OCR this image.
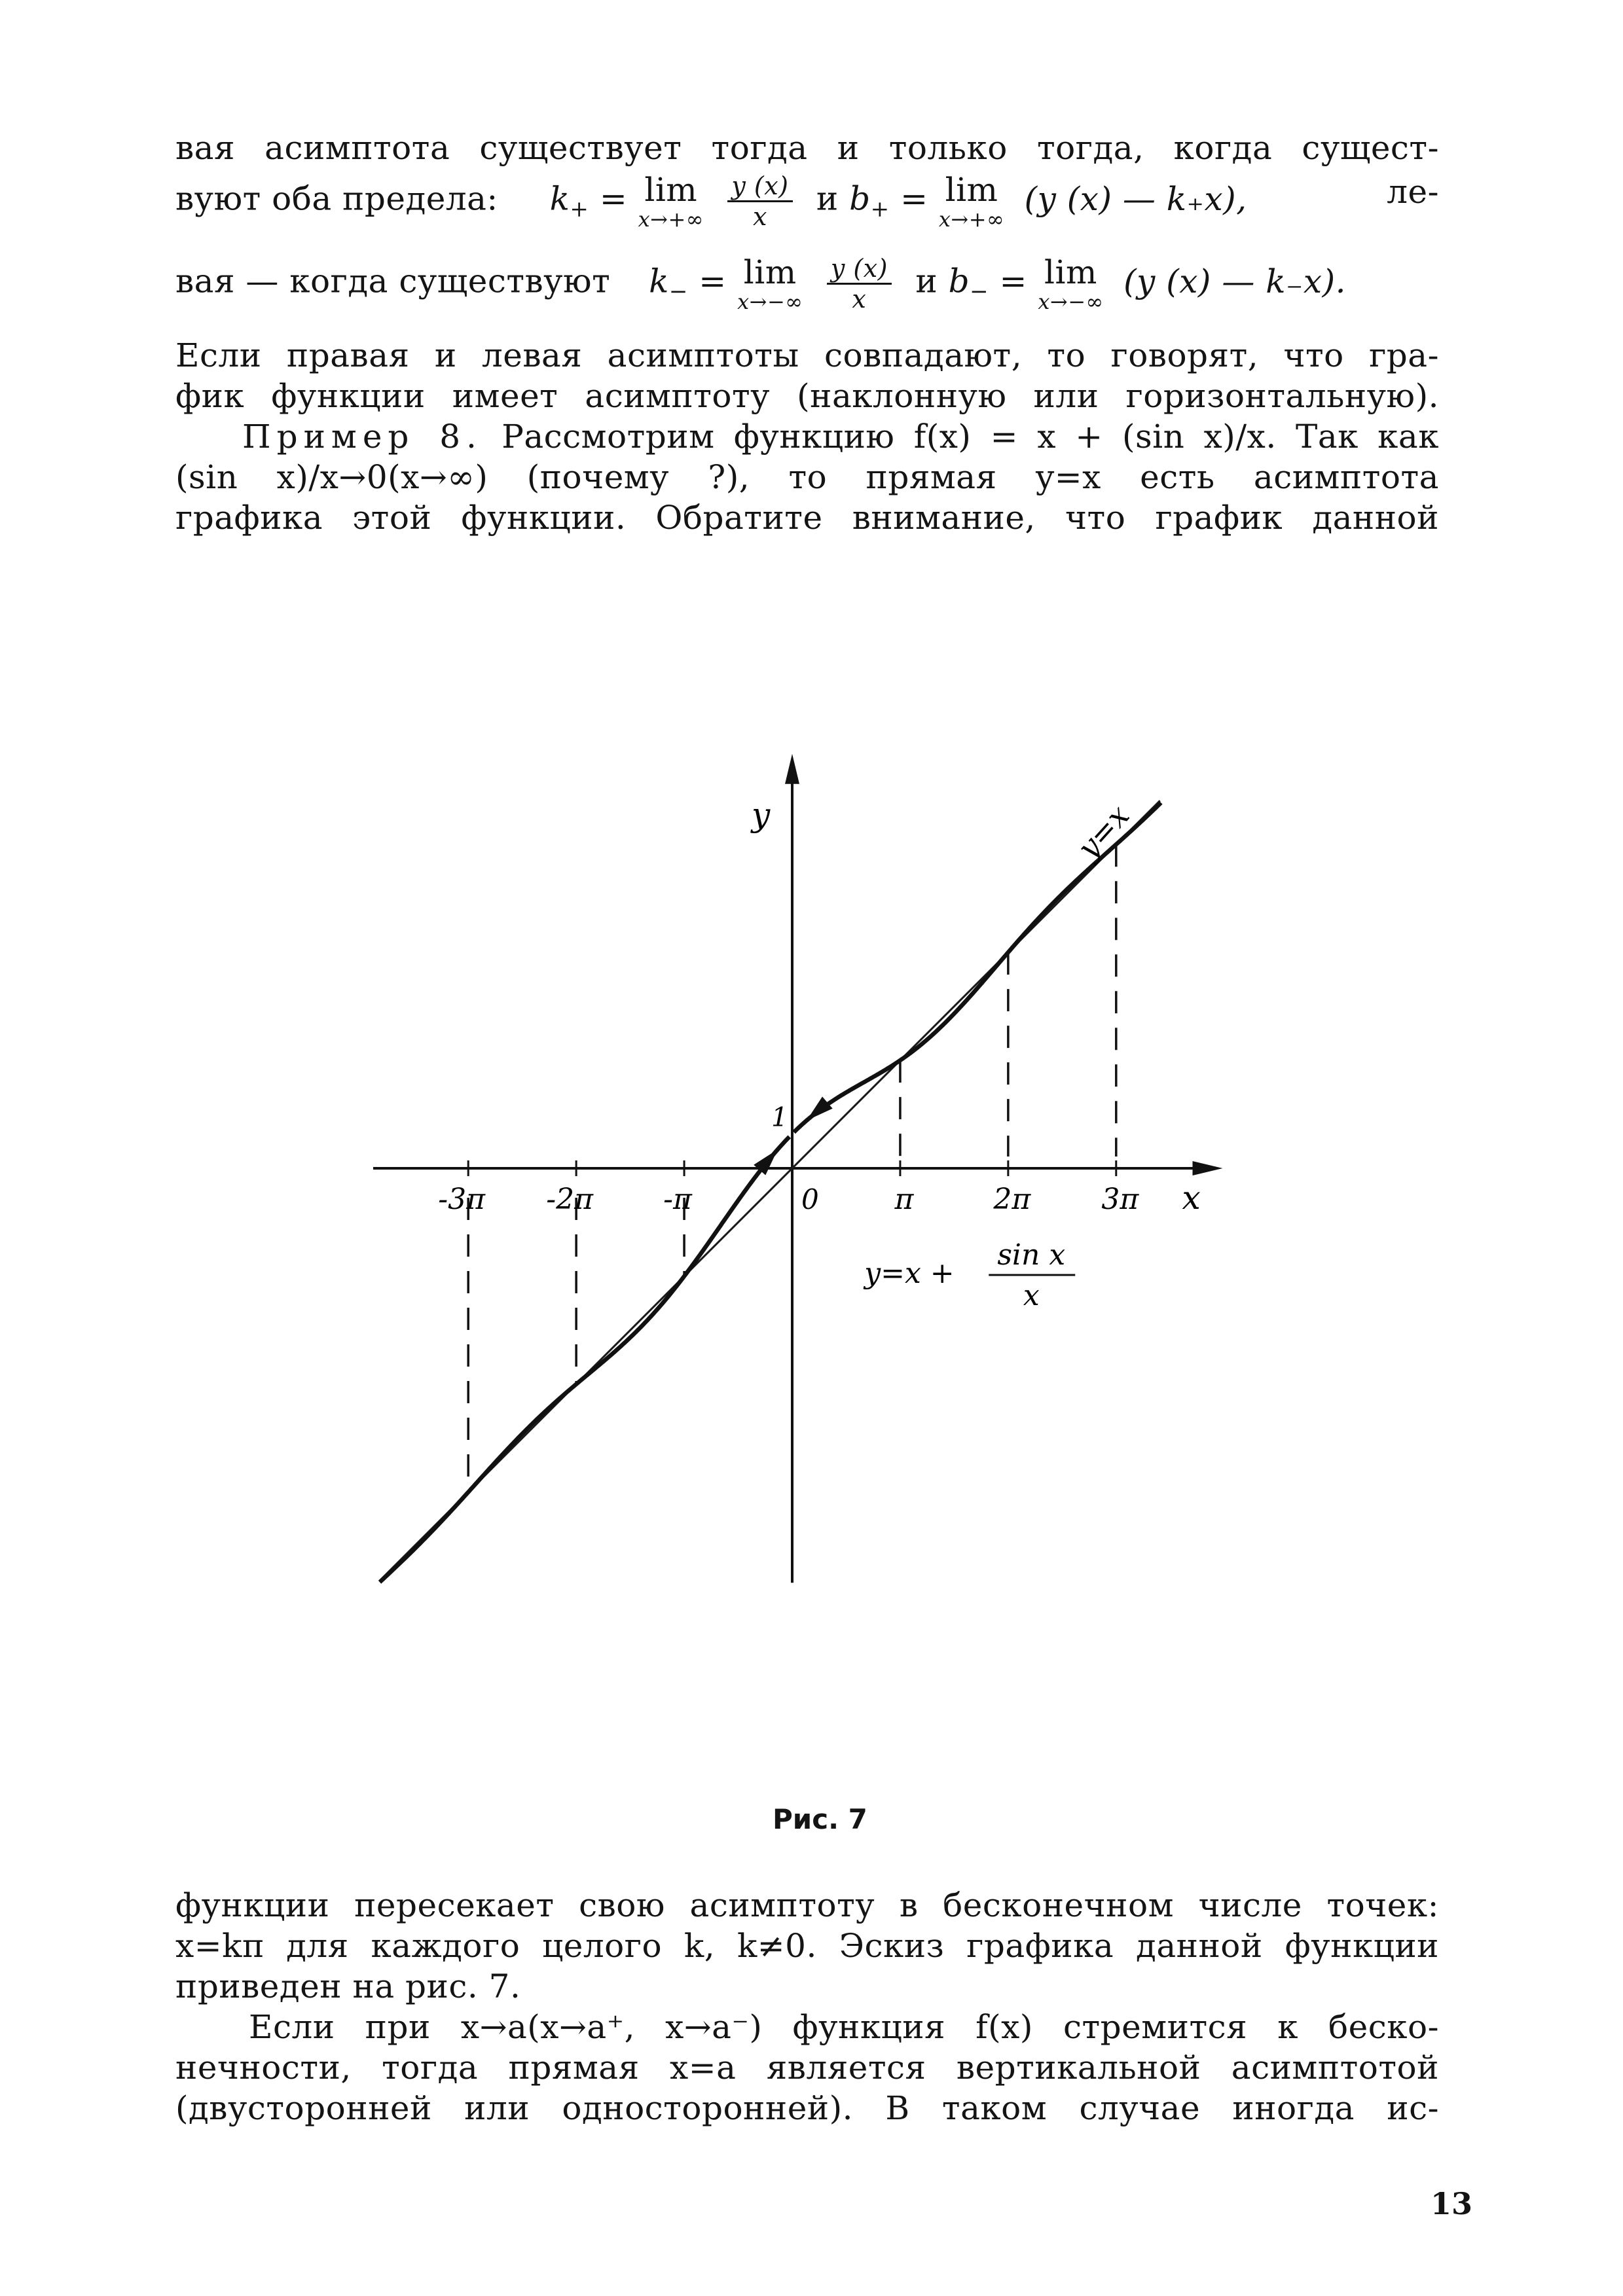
вая асимптота существует тогда и только тогда, когда сущест-
вуют оба предела: $k_+ = \lim$
x→+∞
$\frac{y (x)}{x}$ и $b_+ = \lim$
x→+∞
(y (x) — k₊x),	ле-
вая — когда существуют $k_- = \lim$
x→−∞
$\frac{y (x)}{x}$ и $b_- = \lim$
x→−∞
(y (x) — k₋x).
Если правая и левая асимптоты совпадают, то говорят, что гра-
фик функции имеет асимптоту (наклонную или горизонтальную).
Пример 8. Рассмотрим функцию f(x) = x + (sin x)/x. Так как
(sin x)/x→0(x→∞) (почему ?), то прямая y=x есть асимптота
графика этой функции. Обратите внимание, что график данной
-3π -2π -π	π	2π 3π
y
x
y=x
1
0
y=x +
sin x
x
Рис. 7
функции пересекает свою асимптоту в бесконечном числе точек:
x=kπ для каждого целого k, k≠0. Эскиз графика данной функции
приведен на рис. 7.
Если при x→a(x→a⁺, x→a⁻) функция f(x) стремится к беско-
нечности, тогда прямая x=a является вертикальной асимптотой
(двусторонней или односторонней). В таком случае иногда ис-
13
